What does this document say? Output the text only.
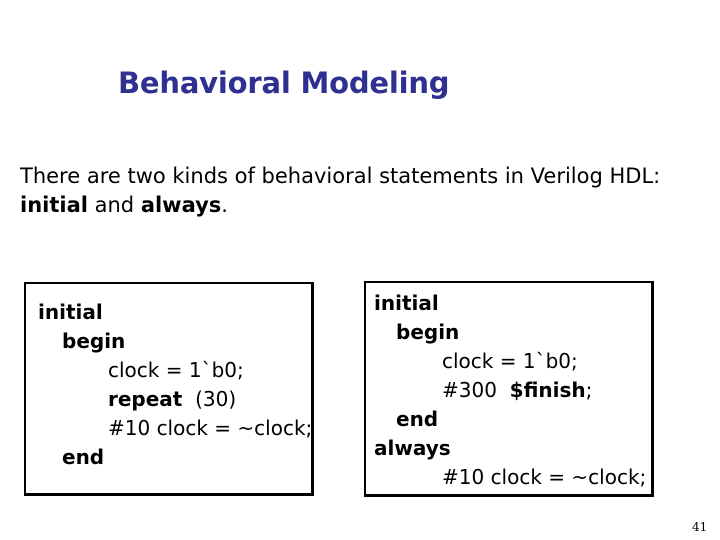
Behavioral Modeling
There are two kinds of behavioral statements in Verilog HDL:
initial and always.
initial
begin
clock = 1`b0;
repeat  (30)
#10 clock = ~clock;
end
initial
begin
clock = 1`b0;
#300  $finish;
end
always
#10 clock = ~clock;
41
